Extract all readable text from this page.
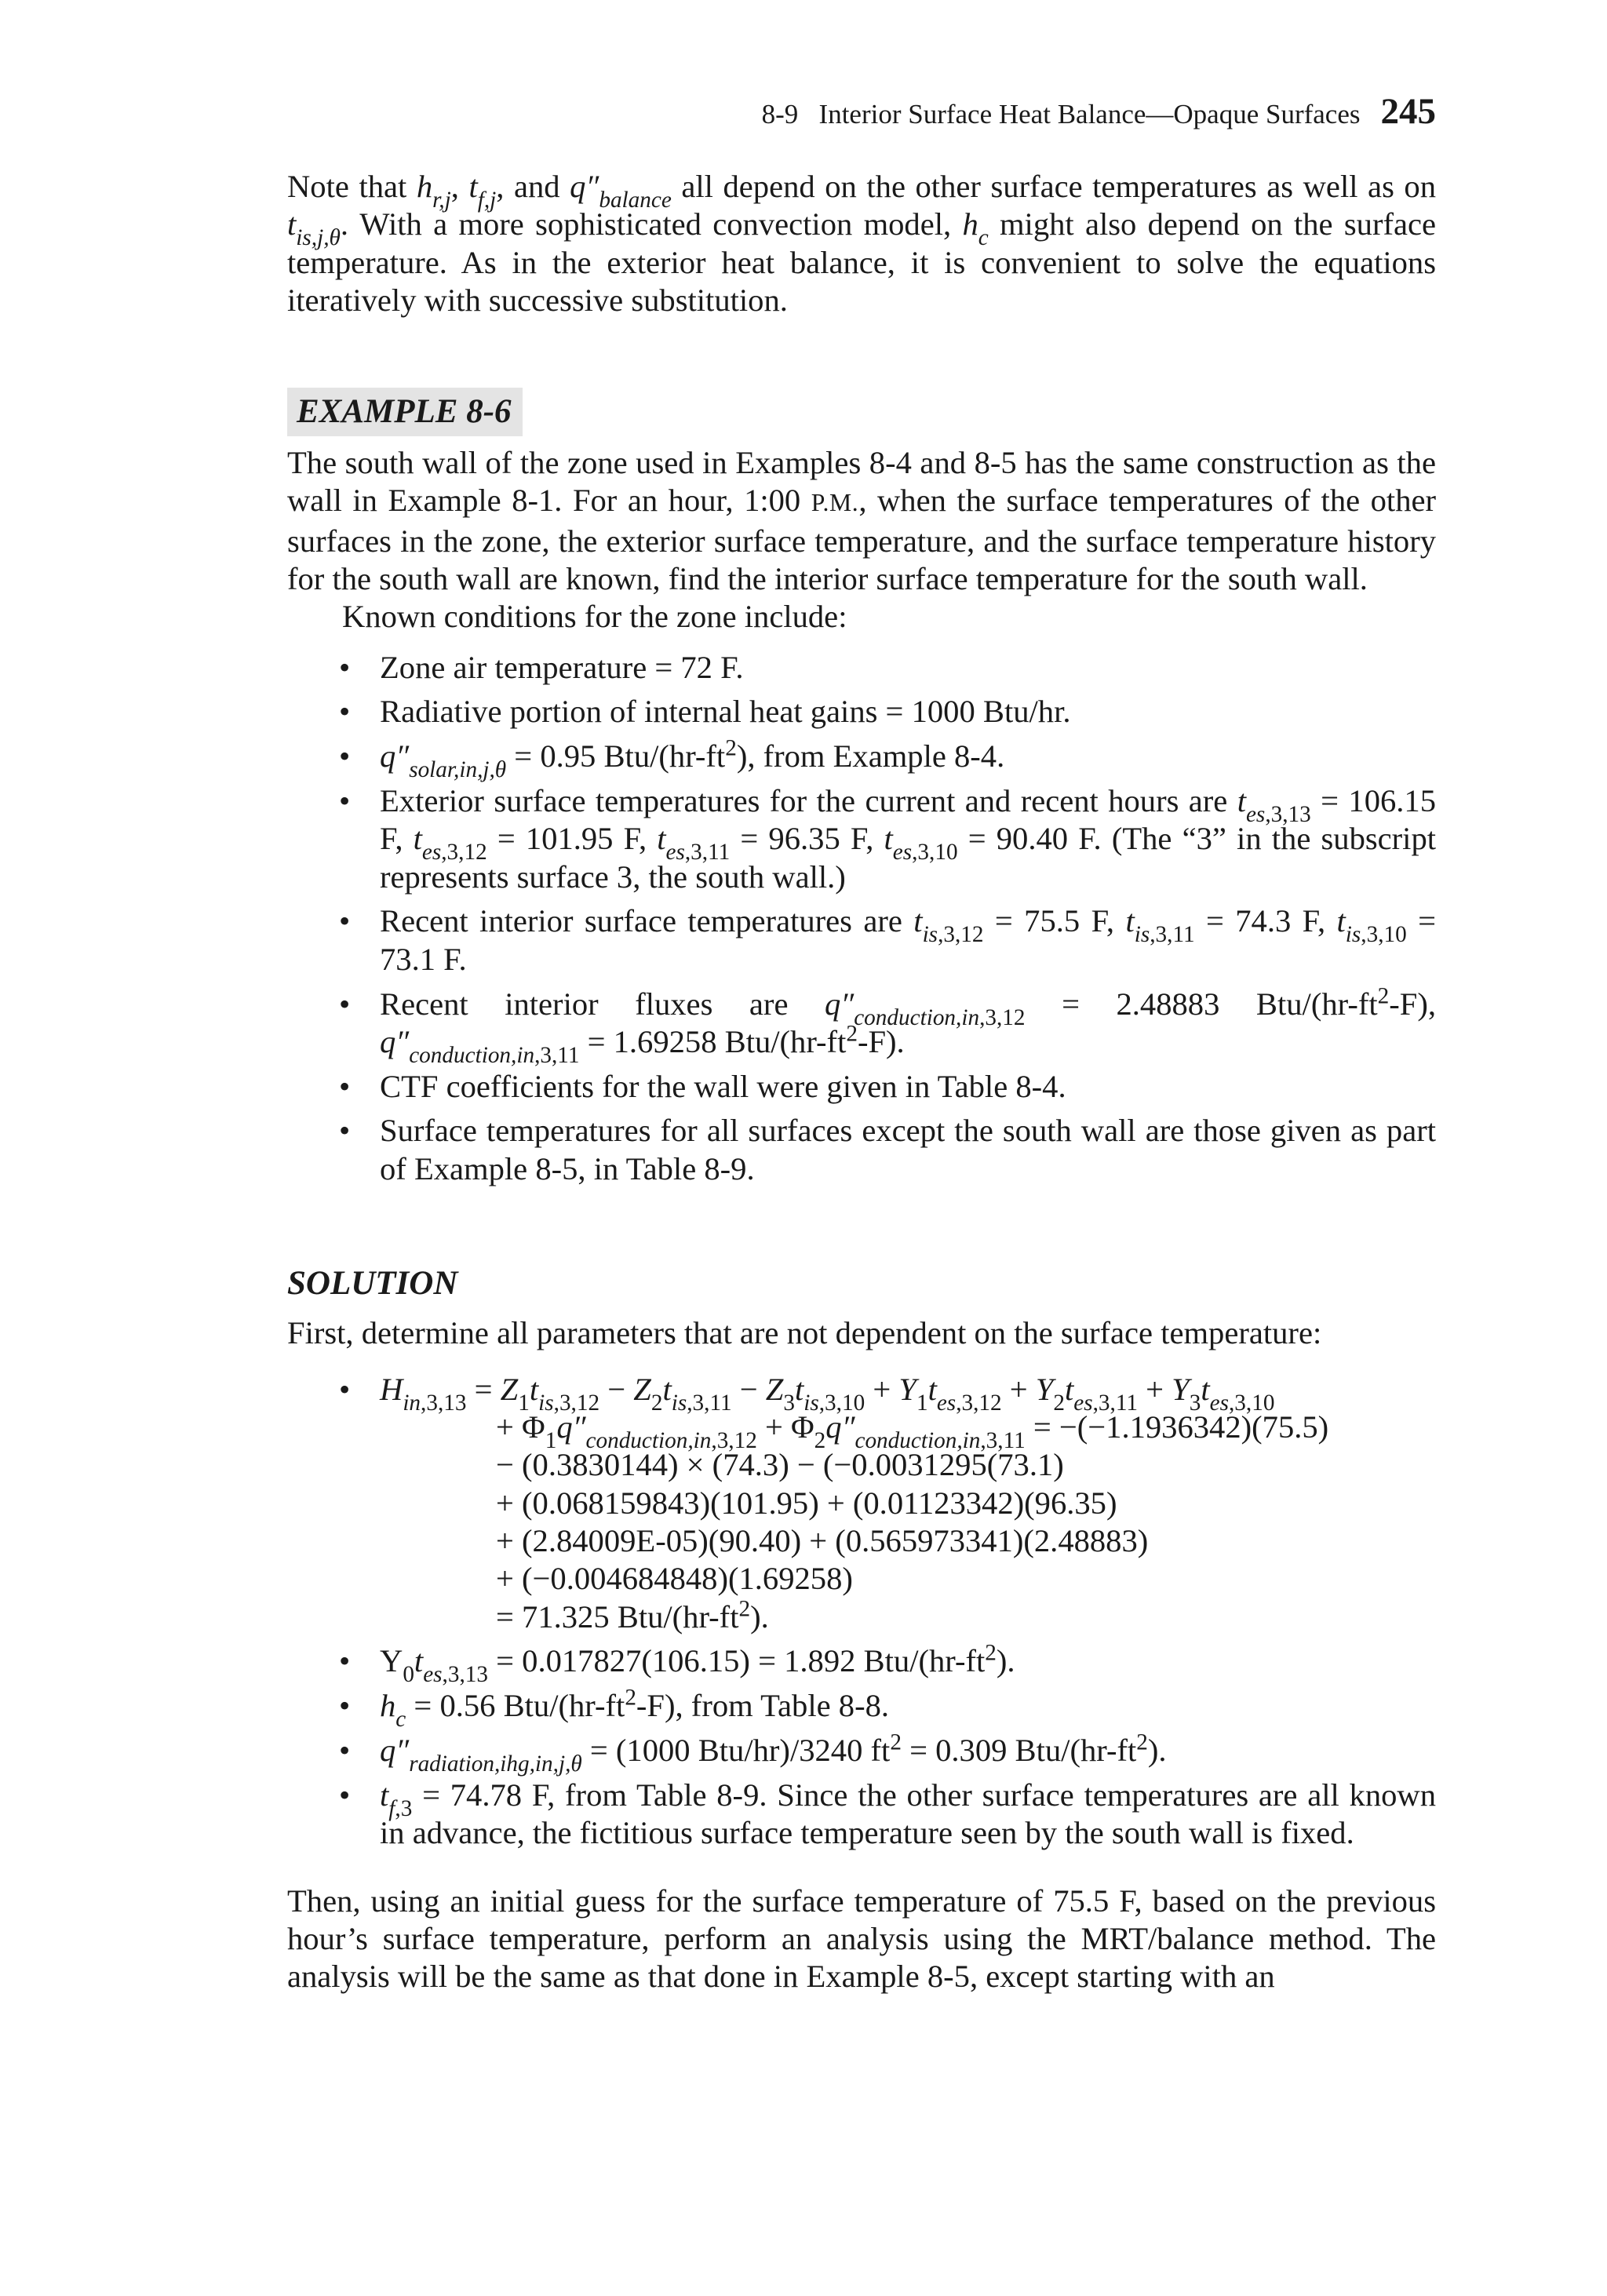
8-9 Interior Surface Heat Balance—Opaque Surfaces 245

Note that $h_{r,j}$, $t_{f,j}$, and $q''_{balance}$ all depend on the other surface temperatures as well as on $t_{is,j,\theta}$. With a more sophisticated convection model, $h_c$ might also depend on the surface temperature. As in the exterior heat balance, it is convenient to solve the equations iteratively with successive substitution.

EXAMPLE 8-6

The south wall of the zone used in Examples 8-4 and 8-5 has the same construction as the wall in Example 8-1. For an hour, 1:00 P.M., when the surface temperatures of the other surfaces in the zone, the exterior surface temperature, and the surface temperature history for the south wall are known, find the interior surface temperature for the south wall.

Known conditions for the zone include:

• Zone air temperature = 72 F.
• Radiative portion of internal heat gains = 1000 Btu/hr.
• $q''_{solar,in,j,\theta} = 0.95$ Btu/$(hr-ft^2)$, from Example 8-4.
• Exterior surface temperatures for the current and recent hours are $t_{es,3,13} = 106.15$ F, $t_{es,3,12} = 101.95$ F, $t_{es,3,11} = 96.35$ F, $t_{es,3,10} = 90.40$ F. (The “3” in the subscript represents surface 3, the south wall.)
• Recent interior surface temperatures are $t_{is,3,12} = 75.5$ F, $t_{is,3,11} = 74.3$ F, $t_{is,3,10} = 73.1$ F.
• Recent interior fluxes are $q''_{conduction,in,3,12} = 2.48883$ Btu/$(hr-ft^2-F)$, $q''_{conduction,in,3,11} = 1.69258$ Btu/$(hr-ft^2-F)$.
• CTF coefficients for the wall were given in Table 8-4.
• Surface temperatures for all surfaces except the south wall are those given as part of Example 8-5, in Table 8-9.
SOLUTION

First, determine all parameters that are not dependent on the surface temperature:

• $H_{in,3,13} = Z_1t_{is,3,12} - Z_2t_{is,3,11} - Z_3t_{is,3,10} + Y_1t_{es,3,12} + Y_2t_{es,3,11} + Y_3t_{es,3,10}$
+ $\Phi_1q''_{conduction,in,3,12} + \Phi_2q''_{conduction,in,3,11} = -(-1.1936342)(75.5)$
− (0.3830144) × (74.3) − (−0.0031295(73.1)
+ (0.068159843)(101.95) + (0.01123342)(96.35)
+ (2.84009E-05)(90.40) + (0.565973341)(2.48883)
+ (−0.004684848)(1.69258)
= 71.325 Btu/$(hr-ft^2)$.
• $Y_0t_{es,3,13} = 0.017827(106.15) = 1.892$ Btu/$(hr-ft^2)$.
• $h_c = 0.56$ Btu/$(hr-ft^2-F)$, from Table 8-8.
• $q''_{radiation,ihg,in,j,\theta} = (1000$ Btu/hr)/3240 $ft^2 = 0.309$ Btu/$(hr-ft^2)$.
• $t_{f,3} = 74.78$ F, from Table 8-9. Since the other surface temperatures are all known in advance, the fictitious surface temperature seen by the south wall is fixed.

Then, using an initial guess for the surface temperature of 75.5 F, based on the previous hour’s surface temperature, perform an analysis using the MRT/balance method. The analysis will be the same as that done in Example 8-5, except starting with an
